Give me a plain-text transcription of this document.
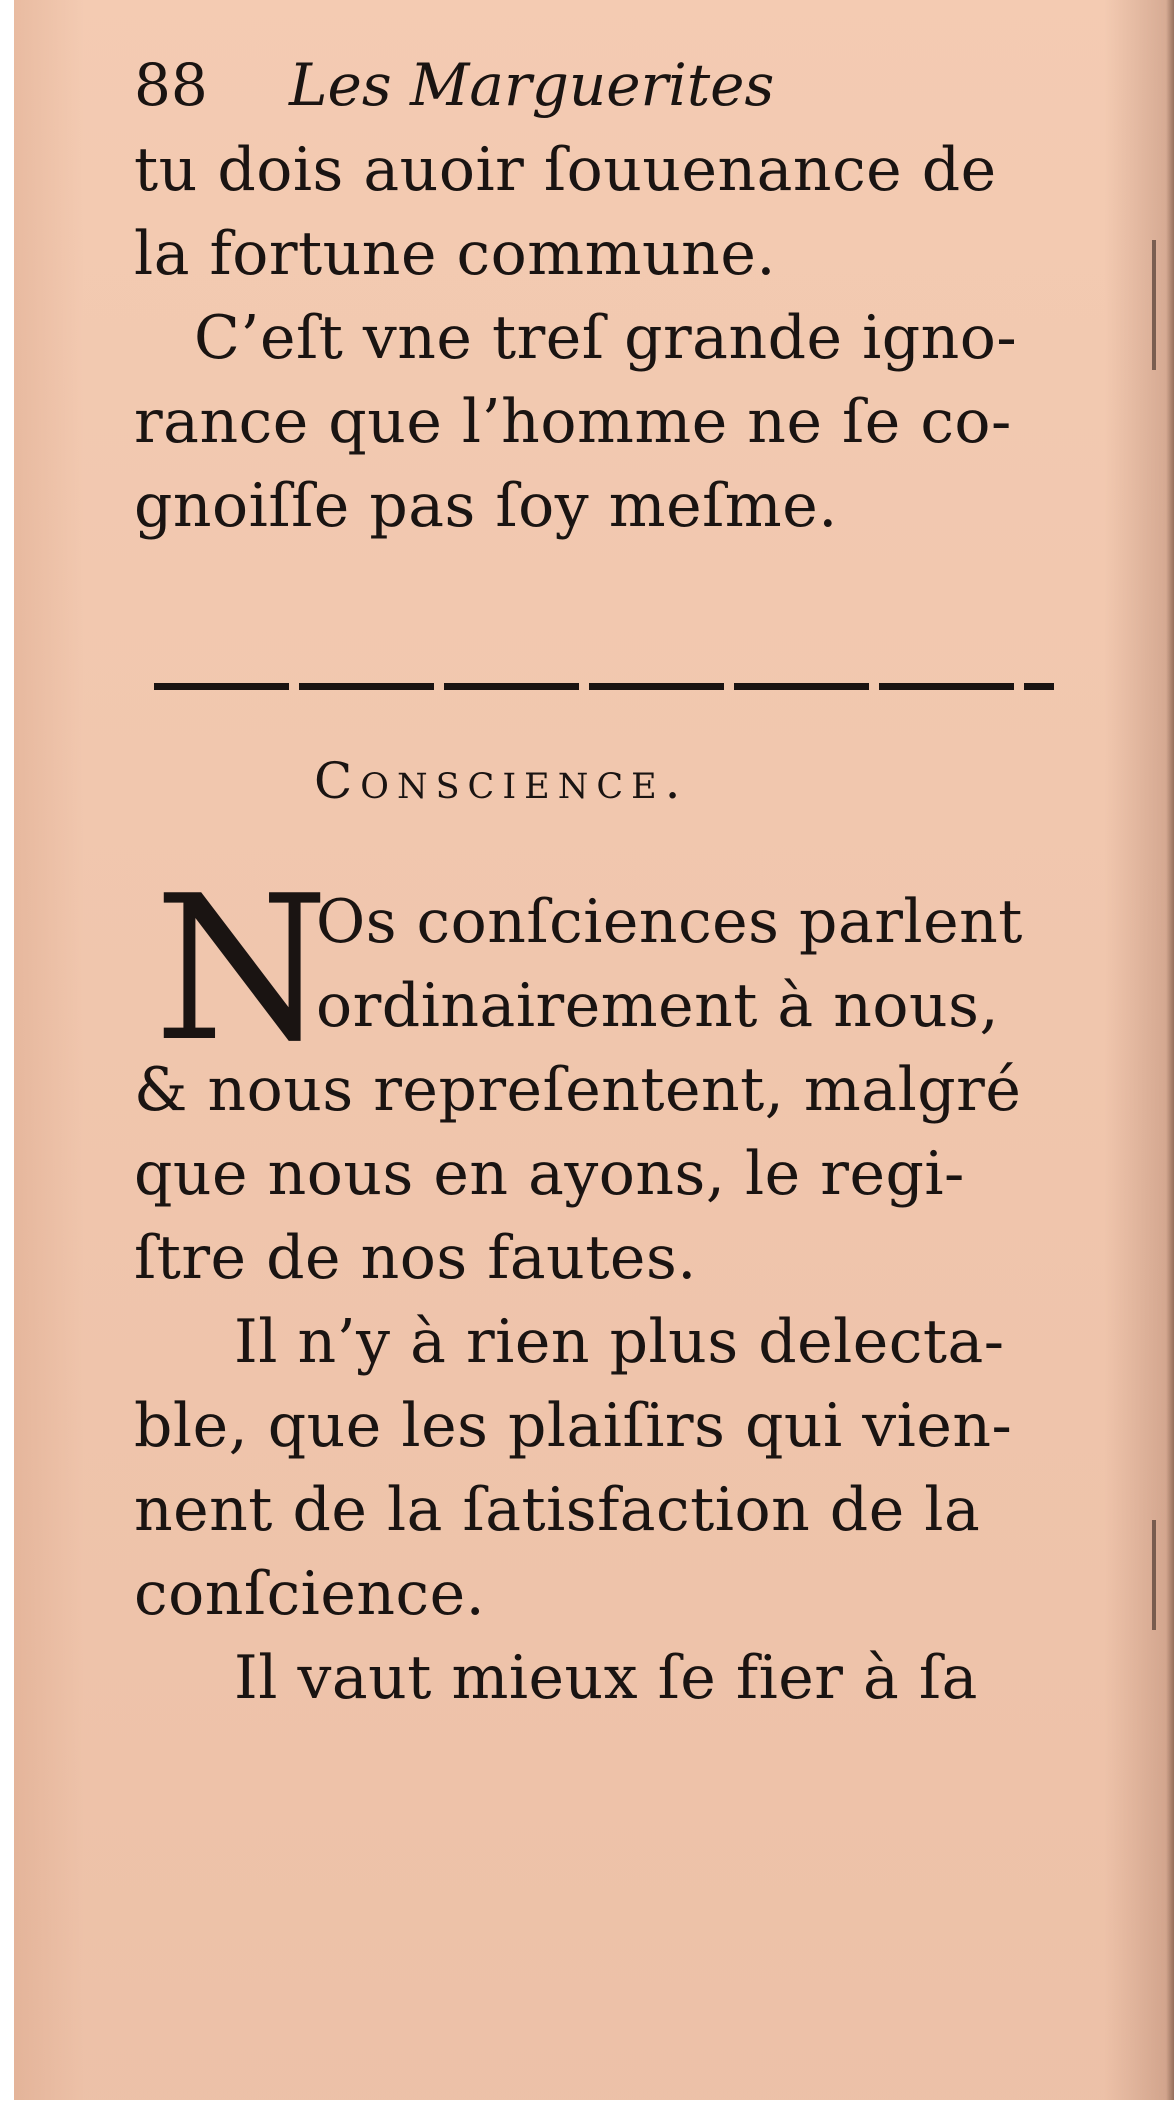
88 Les Marguerites
tu dois auoir ſouuenance de
la fortune commune.
C’eſt vne treſ grande igno-
rance que l’homme ne ſe co-
gnoiſſe pas ſoy meſme.
Conscience.
N
Os conſciences parlent
ordinairement à nous,
& nous repreſentent, malgré
que nous en ayons, le regi-
ſtre de nos fautes.
Il n’y à rien plus delecta-
ble, que les plaiſirs qui vien-
nent de la ſatisfaction de la
conſcience.
Il vaut mieux ſe fier à ſa
